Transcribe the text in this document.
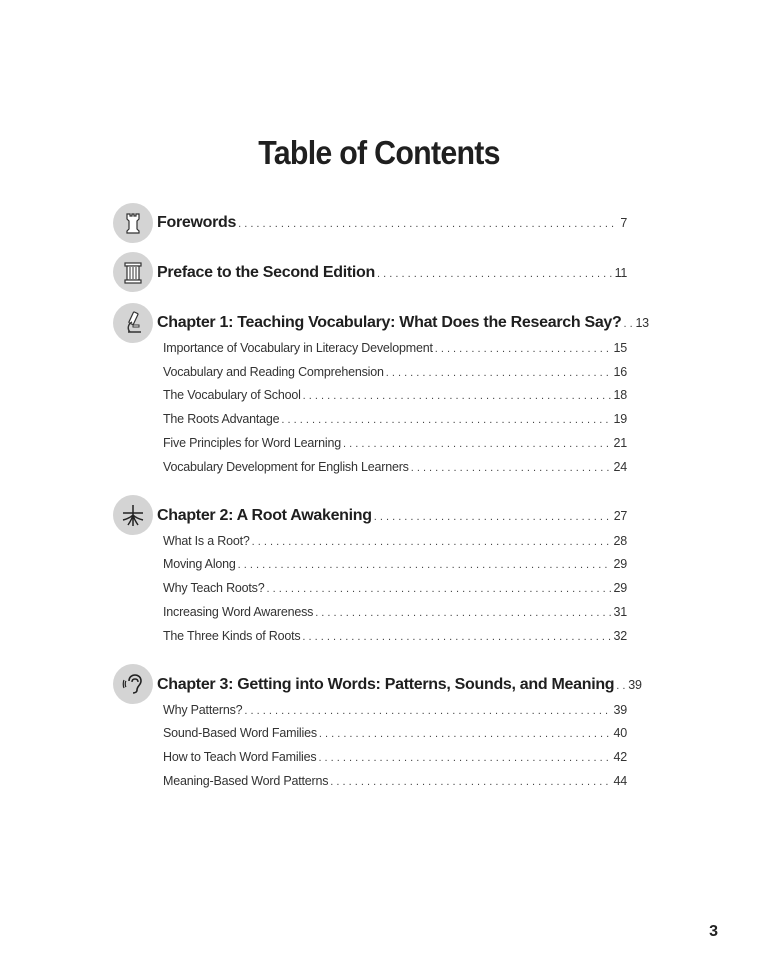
Table of Contents
Forewords . . .	7
Preface to the Second Edition . . .	11
Chapter 1: Teaching Vocabulary: What Does the Research Say? . . . 13
Importance of Vocabulary in Literacy Development . . .	15
Vocabulary and Reading Comprehension . . .	16
The Vocabulary of School . . .	18
The Roots Advantage . . .	19
Five Principles for Word Learning . . .	21
Vocabulary Development for English Learners . . .	24
Chapter 2: A Root Awakening . . .	27
What Is a Root? . . .	28
Moving Along . . .	29
Why Teach Roots? . . .	29
Increasing Word Awareness . . .	31
The Three Kinds of Roots . . .	32
Chapter 3: Getting into Words: Patterns, Sounds, and Meaning . . . 39
Why Patterns? . . .	39
Sound-Based Word Families . . .	40
How to Teach Word Families . . .	42
Meaning-Based Word Patterns . . .	44
3
